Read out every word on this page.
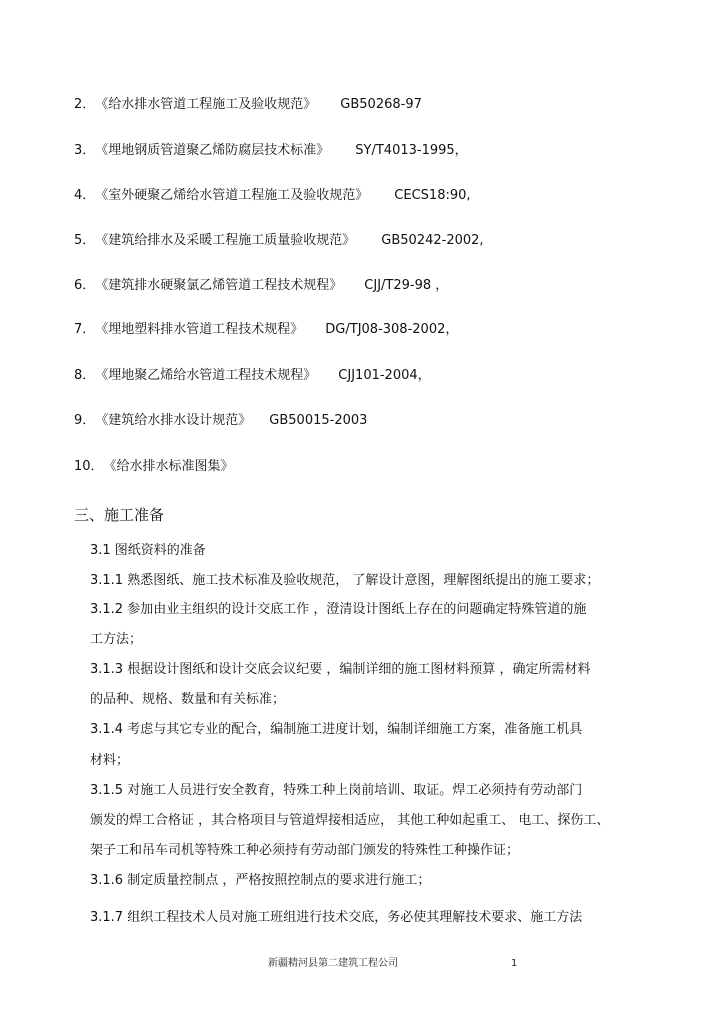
2．《给水排水管道工程施工及验收规范》 GB50268-97
3．《埋地钢质管道聚乙烯防腐层技术标准》 SY/T4013-1995，
4．《室外硬聚乙烯给水管道工程施工及验收规范》 CECS18:90,
5．《建筑给排水及采暖工程施工质量验收规范》 GB50242-2002,
6．《建筑排水硬聚氯乙烯管道工程技术规程》 CJJ/T29-98 ，
7．《埋地塑料排水管道工程技术规程》 DG/TJ08-308-2002，
8．《埋地聚乙烯给水管道工程技术规程》 CJJ101-2004，
9．《建筑给水排水设计规范》 GB50015-2003
10．《给水排水标准图集》
三、施工准备
3.1 图纸资料的准备
3.1.1 熟悉图纸、施工技术标准及验收规范， 了解设计意图，理解图纸提出的施工要求；
3.1.2 参加由业主组织的设计交底工作 ，澄清设计图纸上存在的问题确定特殊管道的施
工方法；
3.1.3 根据设计图纸和设计交底会议纪要 ，编制详细的施工图材料预算 ，确定所需材料
的品种、规格、数量和有关标准；
3.1.4 考虑与其它专业的配合，编制施工进度计划，编制详细施工方案，准备施工机具
材料；
3.1.5 对施工人员进行安全教育，特殊工种上岗前培训、取证。焊工必须持有劳动部门
颁发的焊工合格证 ，其合格项目与管道焊接相适应， 其他工种如起重工、 电工、探伤工、
架子工和吊车司机等特殊工种必须持有劳动部门颁发的特殊性工种操作证；
3.1.6 制定质量控制点 ，严格按照控制点的要求进行施工；
3.1.7 组织工程技术人员对施工班组进行技术交底，务必使其理解技术要求、施工方法
新疆精河县第二建筑工程公司	1
